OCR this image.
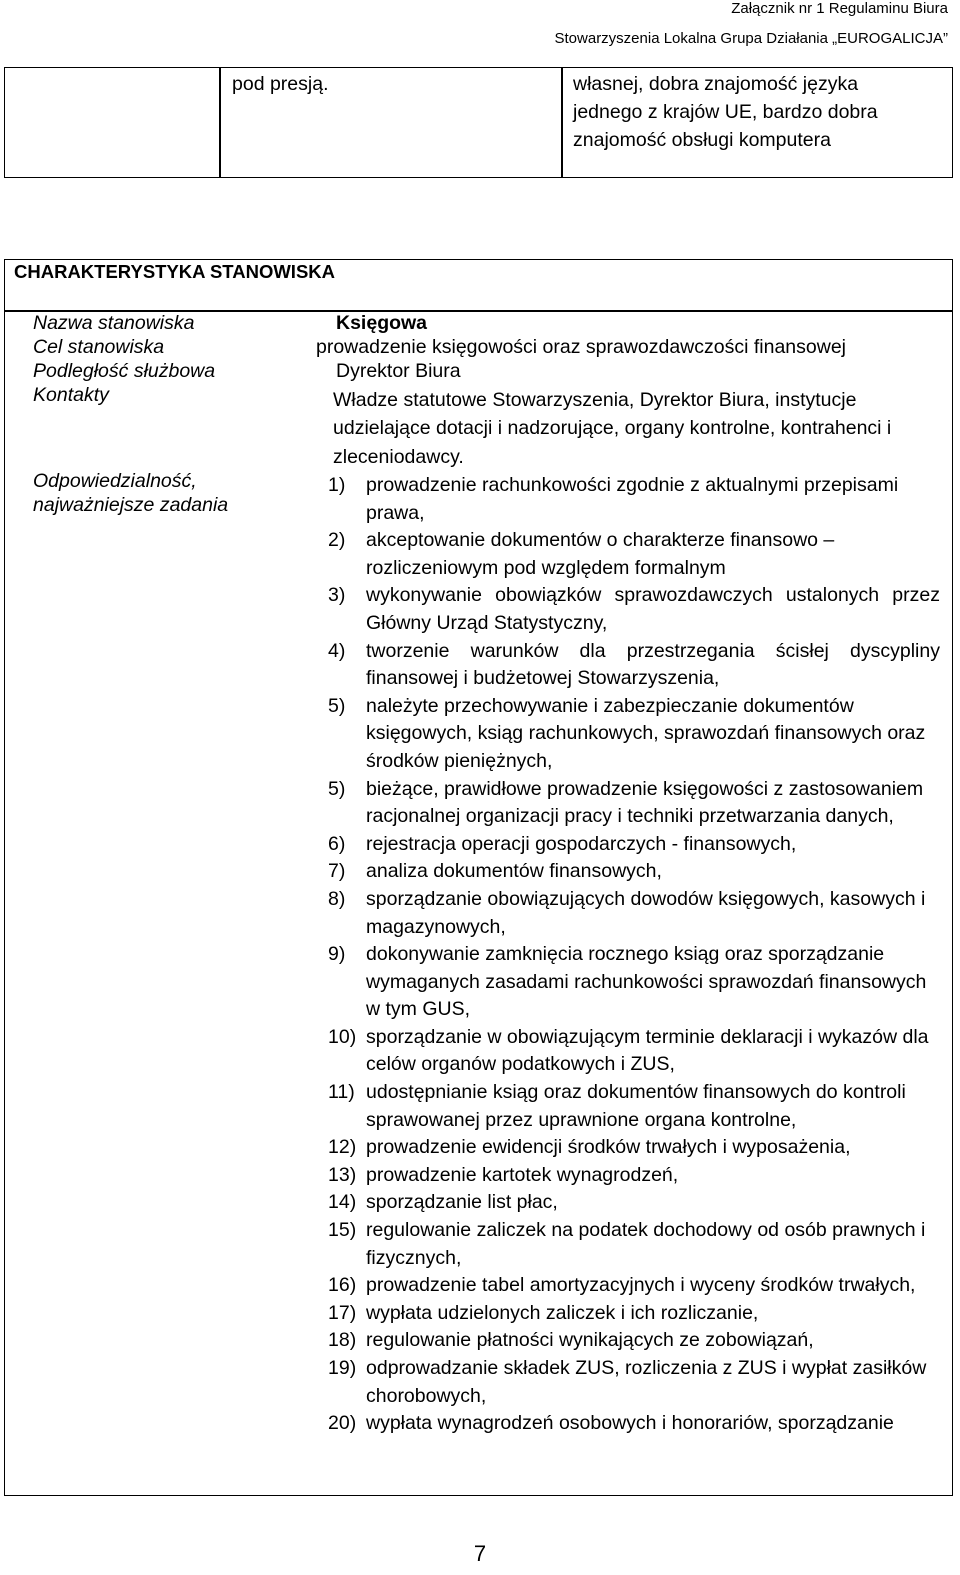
Załącznik nr 1 Regulaminu Biura
Stowarzyszenia Lokalna Grupa Działania „EUROGALICJA”
pod presją.	własnej, dobra znajomość języka
jednego z krajów UE, bardzo dobra
znajomość obsługi komputera
CHARAKTERYSTYKA STANOWISKA
Nazwa stanowiska
Cel stanowiska
Podległość służbowa
Kontakty
Odpowiedzialność,
najważniejsze zadania
Księgowa
prowadzenie księgowości oraz sprawozdawczości finansowej
Dyrektor Biura
Władze statutowe Stowarzyszenia, Dyrektor Biura, instytucje
udzielające dotacji i nadzorujące, organy kontrolne, kontrahenci i
zleceniodawcy.
1) prowadzenie rachunkowości zgodnie z aktualnymi przepisami prawa,
2) akceptowanie dokumentów o charakterze finansowo – rozliczeniowym pod względem formalnym
3) wykonywanie obowiązków sprawozdawczych ustalonych przez Główny Urząd Statystyczny,
4) tworzenie warunków dla przestrzegania ścisłej dyscypliny finansowej i budżetowej Stowarzyszenia,
5) należyte przechowywanie i zabezpieczanie dokumentów księgowych, ksiąg rachunkowych, sprawozdań finansowych oraz środków pieniężnych,
5) bieżące, prawidłowe prowadzenie księgowości z zastosowaniem racjonalnej organizacji pracy i techniki przetwarzania danych,
6) rejestracja operacji gospodarczych - finansowych,
7) analiza dokumentów finansowych,
8) sporządzanie obowiązujących dowodów księgowych, kasowych i magazynowych,
9) dokonywanie zamknięcia rocznego ksiąg oraz sporządzanie wymaganych zasadami rachunkowości sprawozdań finansowych w tym GUS,
10) sporządzanie w obowiązującym terminie deklaracji i wykazów dla celów organów podatkowych i ZUS,
11) udostępnianie ksiąg oraz dokumentów finansowych do kontroli sprawowanej przez uprawnione organa kontrolne,
12) prowadzenie ewidencji środków trwałych i wyposażenia,
13) prowadzenie kartotek wynagrodzeń,
14) sporządzanie list płac,
15) regulowanie zaliczek na podatek dochodowy od osób prawnych i fizycznych,
16) prowadzenie tabel amortyzacyjnych i wyceny środków trwałych,
17) wypłata udzielonych zaliczek i ich rozliczanie,
18) regulowanie płatności wynikających ze zobowiązań,
19) odprowadzanie składek ZUS, rozliczenia z ZUS i wypłat zasiłków chorobowych,
20) wypłata wynagrodzeń osobowych i honorariów, sporządzanie
7
